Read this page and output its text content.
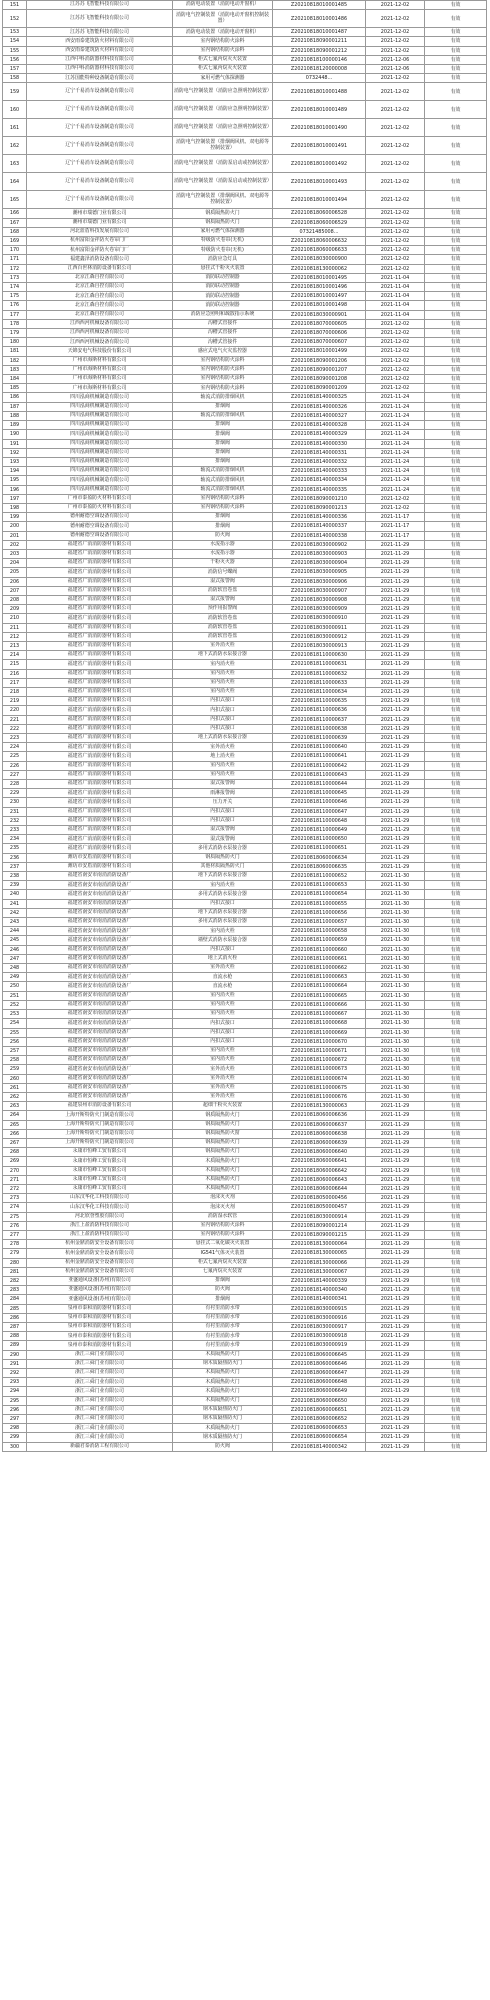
151	江苏苏飞智能科技有限公司	消防电动装置（消防电动开窗机）	Z20210818010001485	2021-12-02	有效
152	江苏苏飞智能科技有限公司	消防电气控制装置（消防电动开窗机控制装置）	Z20210818010001486	2021-12-02	有效
153	江苏苏飞智能科技有限公司	消防电动装置（消防电动开窗机）	Z20210818010001487	2021-12-02	有效
154	西安雨泰建筑防火材料有限公司	室内钢结构防火涂料	Z20210818090001211	2021-12-02	有效
155	西安雨泰建筑防火材料有限公司	室内钢结构防火涂料	Z20210818090001212	2021-12-02	有效
156	江西中科消防器材科技有限公司	柜式七氟丙烷灭火装置	Z20210818100000146	2021-12-06	有效
157	江西中科消防器材科技有限公司	柜式七氟丙烷灭火装置	Z20210818120000008	2021-12-06	有效
158	江苏国能特种设备制造有限公司	家用可燃气体探测器	0732448...	2021-12-02	有效
159	辽宁千易消车设备制造有限公司	消防电气控制装置（消防应急照明控制装置）	Z20210818010001488	2021-12-02	有效
160	辽宁千易消车设备制造有限公司	消防电气控制装置（消防应急照明控制装置）	Z20210818010001489	2021-12-02	有效
161	辽宁千易消车设备制造有限公司	消防电气控制装置（消防应急照明控制装置）	Z20210818010001490	2021-12-02	有效
162	辽宁千易消车设备制造有限公司	消防电气控制装置（排烟阀风机、双电源等控制装置）	Z20210818010001491	2021-12-02	有效
163	辽宁千易消车设备制造有限公司	消防电气控制装置（消防泵启动或控制装置）	Z20210818010001492	2021-12-02	有效
164	辽宁千易消车设备制造有限公司	消防电气控制装置（消防泵启动或控制装置）	Z20210818010001493	2021-12-02	有效
165	辽宁千易消车设备制造有限公司	消防电气控制装置（排烟阀风机、双电源等控制装置）	Z20210818010001494	2021-12-02	有效
166	潮州市瑞德门业有限公司	钢质隔热防火门	Z20210818060006528	2021-12-02	有效
167	潮州市瑞德门业有限公司	钢质隔热防火门	Z20210818060006529	2021-12-02	有效
168	河北蓝盾科技发展有限公司	家用可燃气体探测器	07321485008...	2021-12-02	有效
169	杭州富阳金祥防火卷帘门厂	特级防火卷帘(无机)	Z20210818060006632	2021-12-02	有效
170	杭州富阳金祥防火卷帘门厂	特级防火卷帘(无机)	Z20210818060006633	2021-12-02	有效
171	福建鑫泽消防设备有限公司	消防应急灯具	Z20210818030000900	2021-12-02	有效
172	江西百世林消防设备有限公司	悬挂式干粉灭火装置	Z20210818130000062	2021-12-02	有效
173	北京江森自控有限公司	消防联动控制器	Z20210818010001495	2021-11-04	有效
174	北京江森自控有限公司	消防联动控制器	Z20210818010001496	2021-11-04	有效
175	北京江森自控有限公司	消防联动控制器	Z20210818010001497	2021-11-04	有效
176	北京江森自控有限公司	消防联动控制器	Z20210818010001498	2021-11-04	有效
177	北京江森自控有限公司	消防应急照明和疏散指示系统	Z20210818030000901	2021-11-04	有效
178	江西西河机械设备有限公司	沟槽式管接件	Z20210818070000605	2021-12-02	有效
179	江西西河机械设备有限公司	沟槽式管接件	Z20210818070000606	2021-12-02	有效
180	江西西河机械设备有限公司	沟槽式管接件	Z20210818070000607	2021-12-02	有效
181	天锦安电气科技股份有限公司	感应式电气火灾监控器	Z20210818010001499	2021-12-02	有效
182	广州市海斯材料有限公司	室内钢结构防火涂料	Z20210818090001206	2021-12-02	有效
183	广州市海斯材料有限公司	室内钢结构防火涂料	Z20210818090001207	2021-12-02	有效
184	广州市海斯材料有限公司	室内钢结构防火涂料	Z20210818090001208	2021-12-02	有效
185	广州市海斯材料有限公司	室内钢结构防火涂料	Z20210818090001209	2021-12-02	有效
186	四川泓商机械制造有限公司	轴流式消防排烟风机	Z20210818140000325	2021-11-24	有效
187	四川泓商机械制造有限公司	排烟阀	Z20210818140000326	2021-11-24	有效
188	四川泓商机械制造有限公司	轴流式消防排烟风机	Z20210818140000327	2021-11-24	有效
189	四川泓商机械制造有限公司	排烟阀	Z20210818140000328	2021-11-24	有效
190	四川泓商机械制造有限公司	排烟阀	Z20210818140000329	2021-11-24	有效
191	四川泓商机械制造有限公司	排烟阀	Z20210818140000330	2021-11-24	有效
192	四川泓商机械制造有限公司	排烟阀	Z20210818140000331	2021-11-24	有效
193	四川泓商机械制造有限公司	排烟阀	Z20210818140000332	2021-11-24	有效
194	四川泓商机械制造有限公司	轴流式消防排烟风机	Z20210818140000333	2021-11-24	有效
195	四川泓商机械制造有限公司	轴流式消防排烟风机	Z20210818140000334	2021-11-24	有效
196	四川泓商机械制造有限公司	轴流式消防排烟风机	Z20210818140000335	2021-11-24	有效
197	广州市泰盈防火材料有限公司	室内钢结构防火涂料	Z20210818090001210	2021-12-02	有效
198	广州市泰盈防火材料有限公司	室内钢结构防火涂料	Z20210818090001213	2021-12-02	有效
199	德州耐德空调设备有限公司	排烟阀	Z20210818140000336	2021-11-17	有效
200	德州耐德空调设备有限公司	排烟阀	Z20210818140000337	2021-11-17	有效
201	德州耐德空调设备有限公司	防火阀	Z20210818140000338	2021-11-17	有效
202	福建省广消消防器材有限公司	水流指示器	Z20210818030000902	2021-11-29	有效
203	福建省广消消防器材有限公司	水流指示器	Z20210818030000903	2021-11-29	有效
204	福建省广消消防器材有限公司	干粉灭火器	Z20210818030000904	2021-11-29	有效
205	福建省广消消防器材有限公司	消防信号蝶阀	Z20210818030000905	2021-11-29	有效
206	福建省广消消防器材有限公司	湿式报警阀	Z20210818030000906	2021-11-29	有效
207	福建省广消消防器材有限公司	消防软管卷盘	Z20210818030000907	2021-11-29	有效
208	福建省广消消防器材有限公司	湿式报警阀	Z20210818030000908	2021-11-29	有效
209	福建省广消消防器材有限公司	预作用报警阀	Z20210818030000909	2021-11-29	有效
210	福建省广消消防器材有限公司	消防软管卷盘	Z20210818030000910	2021-11-29	有效
211	福建省广消消防器材有限公司	消防软管卷盘	Z20210818030000911	2021-11-29	有效
212	福建省广消消防器材有限公司	消防软管卷盘	Z20210818030000912	2021-11-29	有效
213	福建省广消消防器材有限公司	室外消火栓	Z20210818030000913	2021-11-29	有效
214	福建省广消消防器材有限公司	地下式消防水泵接合器	Z20210818110000630	2021-11-29	有效
215	福建省广消消防器材有限公司	室内消火栓	Z20210818110000631	2021-11-29	有效
216	福建省广消消防器材有限公司	室内消火栓	Z20210818110000632	2021-11-29	有效
217	福建省广消消防器材有限公司	室内消火栓	Z20210818110000633	2021-11-29	有效
218	福建省广消消防器材有限公司	室内消火栓	Z20210818110000634	2021-11-29	有效
219	福建省广消消防器材有限公司	内扣式接口	Z20210818110000635	2021-11-29	有效
220	福建省广消消防器材有限公司	内扣式接口	Z20210818110000636	2021-11-29	有效
221	福建省广消消防器材有限公司	内扣式接口	Z20210818110000637	2021-11-29	有效
222	福建省广消消防器材有限公司	内扣式接口	Z20210818110000638	2021-11-29	有效
223	福建省广消消防器材有限公司	地上式消防水泵接合器	Z20210818110000639	2021-11-29	有效
224	福建省广消消防器材有限公司	室外消火栓	Z20210818110000640	2021-11-29	有效
225	福建省广消消防器材有限公司	地上消火栓	Z20210818110000641	2021-11-29	有效
226	福建省广消消防器材有限公司	室内消火栓	Z20210818110000642	2021-11-29	有效
227	福建省广消消防器材有限公司	室内消火栓	Z20210818110000643	2021-11-29	有效
228	福建省广消消防器材有限公司	湿式报警阀	Z20210818110000644	2021-11-29	有效
229	福建省广消消防器材有限公司	雨淋报警阀	Z20210818110000645	2021-11-29	有效
230	福建省广消消防器材有限公司	压力开关	Z20210818110000646	2021-11-29	有效
231	福建省广消消防器材有限公司	内扣式接口	Z20210818110000647	2021-11-29	有效
232	福建省广消消防器材有限公司	内扣式接口	Z20210818110000648	2021-11-29	有效
233	福建省广消消防器材有限公司	湿式报警阀	Z20210818110000649	2021-11-29	有效
234	福建省广消消防器材有限公司	湿式报警阀	Z20210818110000650	2021-11-29	有效
235	福建省广消消防器材有限公司	多用式消防水泵接合器	Z20210818110000651	2021-11-29	有效
236	潍坊市安盾消防器材有限公司	钢质隔热防火门	Z20210818060006634	2021-11-29	有效
237	潍坊市安盾消防器材有限公司	其他材质隔热防火门	Z20210818060006635	2021-11-29	有效
238	福建省南安市南消消防设备厂	地下式消防水泵接合器	Z20210818110000652	2021-11-30	有效
239	福建省南安市南消消防设备厂	室内消火栓	Z20210818110000653	2021-11-30	有效
240	福建省南安市南消消防设备厂	多用式消防水泵接合器	Z20210818110000654	2021-11-30	有效
241	福建省南安市南消消防设备厂	内扣式接口	Z20210818110000655	2021-11-30	有效
242	福建省南安市南消消防设备厂	地下式消防水泵接合器	Z20210818110000656	2021-11-30	有效
243	福建省南安市南消消防设备厂	多用式消防水泵接合器	Z20210818110000657	2021-11-30	有效
244	福建省南安市南消消防设备厂	室内消火栓	Z20210818110000658	2021-11-30	有效
245	福建省南安市南消消防设备厂	墙壁式消防水泵接合器	Z20210818110000659	2021-11-30	有效
246	福建省南安市南消消防设备厂	内扣式接口	Z20210818110000660	2021-11-30	有效
247	福建省南安市南消消防设备厂	地上式消火栓	Z20210818110000661	2021-11-30	有效
248	福建省南安市南消消防设备厂	室外消火栓	Z20210818110000662	2021-11-30	有效
249	福建省南安市南消消防设备厂	直流水枪	Z20210818110000663	2021-11-30	有效
250	福建省南安市南消消防设备厂	直流水枪	Z20210818110000664	2021-11-30	有效
251	福建省南安市南消消防设备厂	室内消火栓	Z20210818110000665	2021-11-30	有效
252	福建省南安市南消消防设备厂	室内消火栓	Z20210818110000666	2021-11-30	有效
253	福建省南安市南消消防设备厂	室内消火栓	Z20210818110000667	2021-11-30	有效
254	福建省南安市南消消防设备厂	内扣式接口	Z20210818110000668	2021-11-30	有效
255	福建省南安市南消消防设备厂	内扣式接口	Z20210818110000669	2021-11-30	有效
256	福建省南安市南消消防设备厂	内扣式接口	Z20210818110000670	2021-11-30	有效
257	福建省南安市南消消防设备厂	室内消火栓	Z20210818110000671	2021-11-30	有效
258	福建省南安市南消消防设备厂	室内消火栓	Z20210818110000672	2021-11-30	有效
259	福建省南安市南消消防设备厂	室外消火栓	Z20210818110000673	2021-11-30	有效
260	福建省南安市南消消防设备厂	室外消火栓	Z20210818110000674	2021-11-30	有效
261	福建省南安市南消消防设备厂	室外消火栓	Z20210818110000675	2021-11-30	有效
262	福建省南安市南消消防设备厂	室外消火栓	Z20210818110000676	2021-11-30	有效
263	福建泉州市消防设备有限公司	超细干粉灭火装置	Z20210818130000063	2021-11-29	有效
264	上海开斯特防火门制造有限公司	钢质隔热防火门	Z20210818060006636	2021-11-29	有效
265	上海开斯特防火门制造有限公司	钢质隔热防火门	Z20210818060006637	2021-11-29	有效
266	上海开斯特防火门制造有限公司	钢质隔热防火窗	Z20210818060006638	2021-11-29	有效
267	上海开斯特防火门制造有限公司	钢质隔热防火门	Z20210818060006639	2021-11-29	有效
268	永康市恒峰工贸有限公司	钢质隔热防火门	Z20210818060006640	2021-11-29	有效
269	永康市恒峰工贸有限公司	木质隔热防火门	Z20210818060006641	2021-11-29	有效
270	永康市恒峰工贸有限公司	木质隔热防火门	Z20210818060006642	2021-11-29	有效
271	永康市恒峰工贸有限公司	木质隔热防火门	Z20210818060006643	2021-11-29	有效
272	永康市恒峰工贸有限公司	木质隔热防火门	Z20210818060006644	2021-11-29	有效
273	山东汉华化工科技有限公司	泡沫灭火剂	Z20210818050000456	2021-11-29	有效
274	山东汉华化工科技有限公司	泡沫灭火剂	Z20210818050000457	2021-11-29	有效
275	河北欣誉塑胶有限公司	消防湿水软管	Z20210818030000914	2021-11-29	有效
276	浙江上盈消防科技有限公司	室内钢结构防火涂料	Z20210818090001214	2021-11-29	有效
277	浙江上盈消防科技有限公司	室内钢结构防火涂料	Z20210818090001215	2021-11-29	有效
278	杭州金鼎消防安全设备有限公司	悬挂式二氧化碳灭火装置	Z20210818130000064	2021-11-29	有效
279	杭州金鼎消防安全设备有限公司	IG541气体灭火装置	Z20210818130000065	2021-11-29	有效
280	杭州金鼎消防安全设备有限公司	柜式七氟丙烷灭火装置	Z20210818130000066	2021-11-29	有效
281	杭州金鼎消防安全设备有限公司	七氟丙烷灭火装置	Z20210818130000067	2021-11-29	有效
282	亚盛通风设备(苏州)有限公司	排烟阀	Z20210818140000339	2021-11-29	有效
283	亚盛通风设备(苏州)有限公司	防火阀	Z20210818140000340	2021-11-29	有效
284	亚盛通风设备(苏州)有限公司	排烟阀	Z20210818140000341	2021-11-29	有效
285	泉州市泰和消防器材有限公司	有衬里消防水带	Z20210818030000915	2021-11-29	有效
286	泉州市泰和消防器材有限公司	有衬里消防水带	Z20210818030000916	2021-11-29	有效
287	泉州市泰和消防器材有限公司	有衬里消防水带	Z20210818030000917	2021-11-29	有效
288	泉州市泰和消防器材有限公司	有衬里消防水带	Z20210818030000918	2021-11-29	有效
289	泉州市泰和消防器材有限公司	有衬里消防水带	Z20210818030000919	2021-11-29	有效
290	浙江三舜门业有限公司	木质隔热防火门	Z20210818060006645	2021-11-29	有效
291	浙江三舜门业有限公司	钢木质隔热防火门	Z20210818060006646	2021-11-29	有效
292	浙江三舜门业有限公司	木质隔热防火门	Z20210818060006647	2021-11-29	有效
293	浙江三舜门业有限公司	木质隔热防火门	Z20210818060006648	2021-11-29	有效
294	浙江三舜门业有限公司	木质隔热防火门	Z20210818060006649	2021-11-29	有效
295	浙江三舜门业有限公司	木质隔热防火门	Z20210818060006650	2021-11-29	有效
296	浙江三舜门业有限公司	钢木质隔热防火门	Z20210818060006651	2021-11-29	有效
297	浙江三舜门业有限公司	钢木质隔热防火门	Z20210818060006652	2021-11-29	有效
298	浙江三舜门业有限公司	木质隔热防火门	Z20210818060006653	2021-11-29	有效
299	浙江三舜门业有限公司	钢木质隔热防火门	Z20210818060006654	2021-11-29	有效
300	新疆君泰消防工程有限公司	防火阀	Z20210818140000342	2021-11-29	有效
